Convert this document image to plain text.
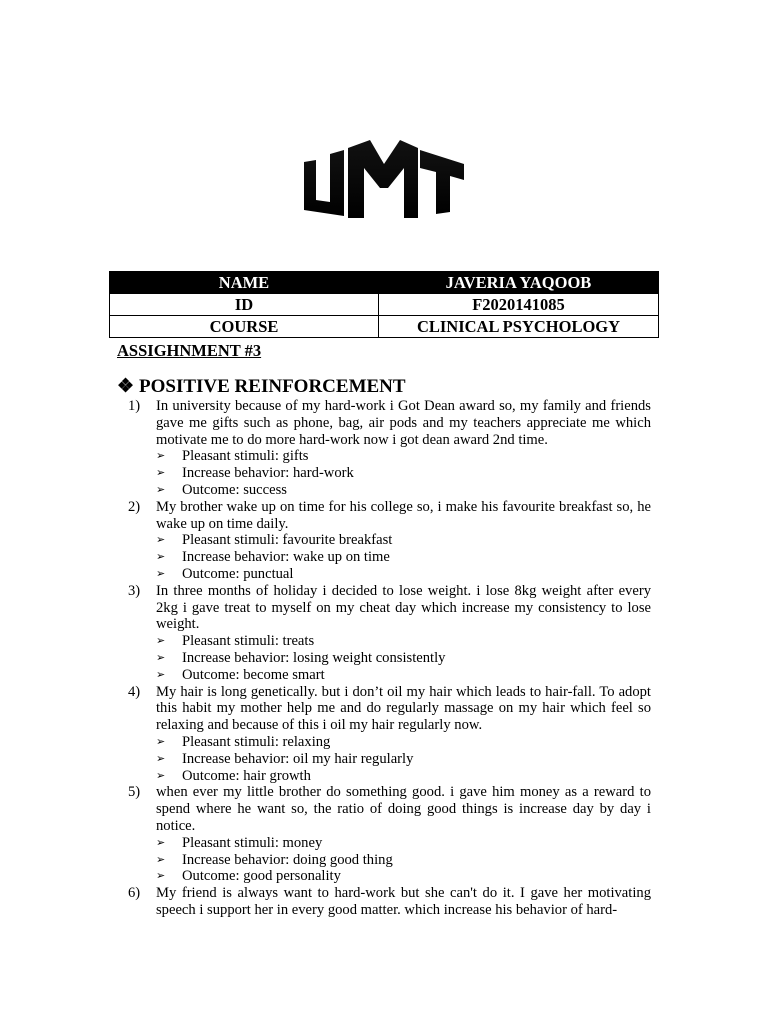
NAME	JAVERIA YAQOOB
ID	F2020141085
COURSE	CLINICAL PSYCHOLOGY
ASSIGHNMENT #3
❖ POSITIVE REINFORCEMENT
1) In university because of my hard-work i Got Dean award so, my family and friends gave me gifts such as phone, bag, air pods and my teachers appreciate me which motivate me to do more hard-work now i got dean award 2nd time.
➢ Pleasant stimuli: gifts
➢ Increase behavior: hard-work
➢ Outcome: success
2) My brother wake up on time for his college so, i make his favourite breakfast so, he wake up on time daily.
➢ Pleasant stimuli: favourite breakfast
➢ Increase behavior: wake up on time
➢ Outcome: punctual
3) In three months of holiday i decided to lose weight. i lose 8kg weight after every 2kg i gave treat to myself on my cheat day which increase my consistency to lose weight.
➢ Pleasant stimuli: treats
➢ Increase behavior: losing weight consistently
➢ Outcome: become smart
4) My hair is long genetically. but i don’t oil my hair which leads to hair-fall. To adopt this habit my mother help me and do regularly massage on my hair which feel so relaxing and because of this i oil my hair regularly now.
➢ Pleasant stimuli: relaxing
➢ Increase behavior: oil my hair regularly
➢ Outcome: hair growth
5) when ever my little brother do something good. i gave him money as a reward to spend where he want so, the ratio of doing good things is increase day by day i notice.
➢ Pleasant stimuli: money
➢ Increase behavior: doing good thing
➢ Outcome: good personality
6) My friend is always want to hard-work but she can't do it. I gave her motivating speech i support her in every good matter. which increase his behavior of hard-
